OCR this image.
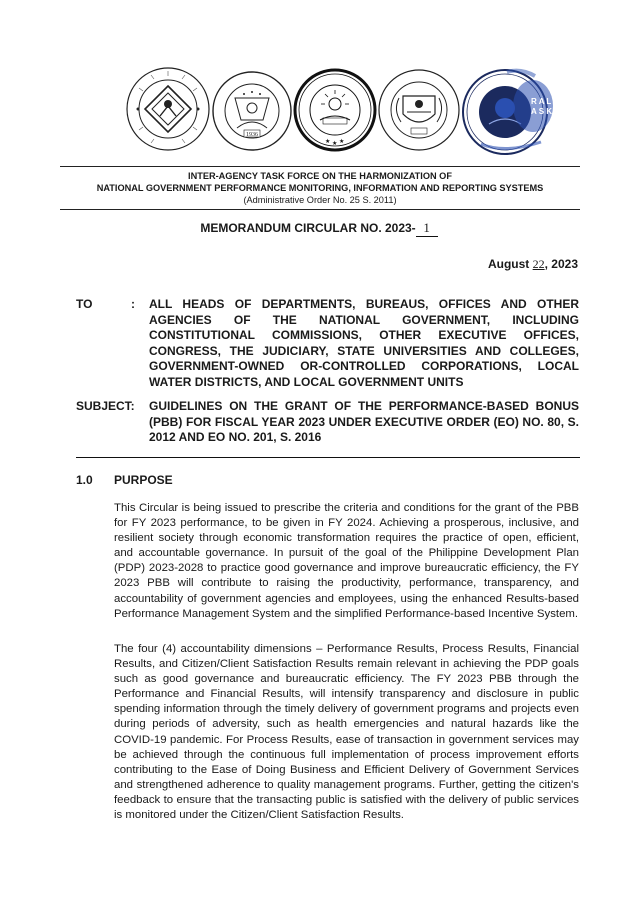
1936
★ ★ ★
R A L
A S K
INTER-AGENCY TASK FORCE ON THE HARMONIZATION OF
NATIONAL GOVERNMENT PERFORMANCE MONITORING, INFORMATION AND REPORTING SYSTEMS
(Administrative Order No. 25 S. 2011)
MEMORANDUM CIRCULAR NO. 2023- 1
August 22, 2023
TO	: ALL HEADS OF DEPARTMENTS, BUREAUS, OFFICES AND OTHER AGENCIES OF THE NATIONAL GOVERNMENT, INCLUDING CONSTITUTIONAL COMMISSIONS, OTHER EXECUTIVE OFFICES, CONGRESS, THE JUDICIARY, STATE UNIVERSITIES AND COLLEGES, GOVERNMENT-OWNED OR-CONTROLLED CORPORATIONS, LOCAL WATER DISTRICTS, AND LOCAL GOVERNMENT UNITS
SUBJECT: GUIDELINES ON THE GRANT OF THE PERFORMANCE-BASED BONUS (PBB) FOR FISCAL YEAR 2023 UNDER EXECUTIVE ORDER (EO) NO. 80, S. 2012 AND EO NO. 201, S. 2016
1.0 PURPOSE
This Circular is being issued to prescribe the criteria and conditions for the grant of the PBB for FY 2023 performance, to be given in FY 2024. Achieving a prosperous, inclusive, and resilient society through economic transformation requires the practice of open, efficient, and accountable governance. In pursuit of the goal of the Philippine Development Plan (PDP) 2023-2028 to practice good governance and improve bureaucratic efficiency, the FY 2023 PBB will contribute to raising the productivity, performance, transparency, and accountability of government agencies and employees, using the enhanced Results-based Performance Management System and the simplified Performance-based Incentive System.
The four (4) accountability dimensions – Performance Results, Process Results, Financial Results, and Citizen/Client Satisfaction Results remain relevant in achieving the PDP goals such as good governance and bureaucratic efficiency. The FY 2023 PBB through the Performance and Financial Results, will intensify transparency and disclosure in public spending information through the timely delivery of government programs and projects even during periods of adversity, such as health emergencies and natural hazards like the COVID-19 pandemic. For Process Results, ease of transaction in government services may be achieved through the continuous full implementation of process improvement efforts contributing to the Ease of Doing Business and Efficient Delivery of Government Services and strengthened adherence to quality management programs. Further, getting the citizen's feedback to ensure that the transacting public is satisfied with the delivery of public services is monitored under the Citizen/Client Satisfaction Results.
